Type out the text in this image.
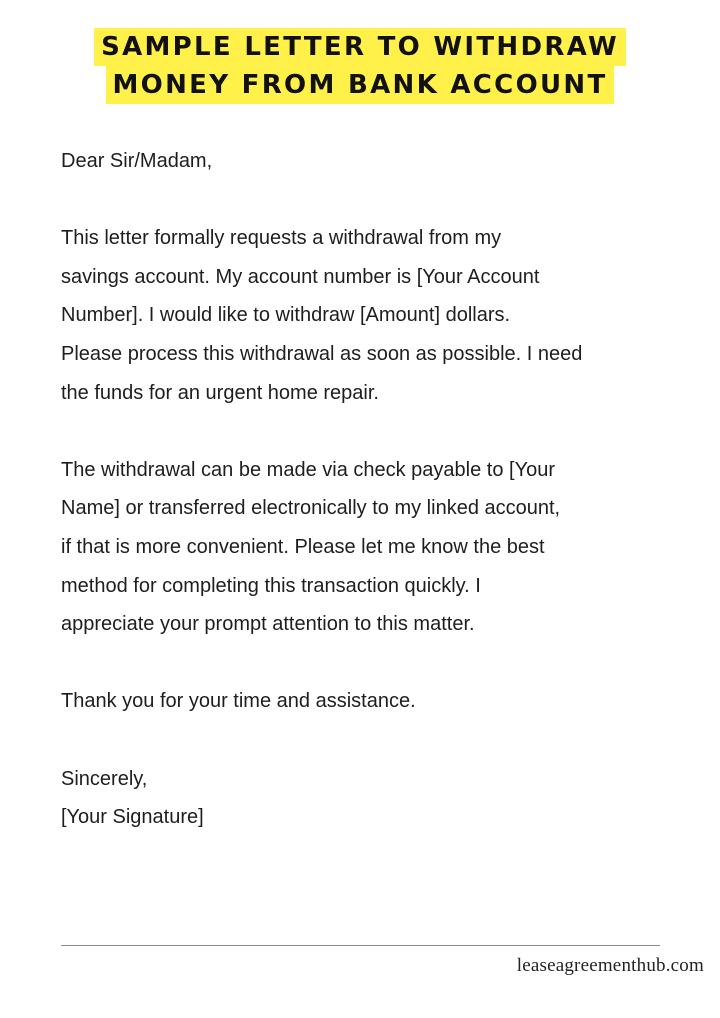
SAMPLE LETTER TO WITHDRAW
MONEY FROM BANK ACCOUNT

Dear Sir/Madam,

This letter formally requests a withdrawal from my

savings account. My account number is [Your Account

Number]. I would like to withdraw [Amount] dollars.

Please process this withdrawal as soon as possible. I need

the funds for an urgent home repair.

The withdrawal can be made via check payable to [Your

Name] or transferred electronically to my linked account,

if that is more convenient. Please let me know the best

method for completing this transaction quickly. I

appreciate your prompt attention to this matter.

Thank you for your time and assistance.

Sincerely,

[Your Signature]

leaseagreementhub.com
